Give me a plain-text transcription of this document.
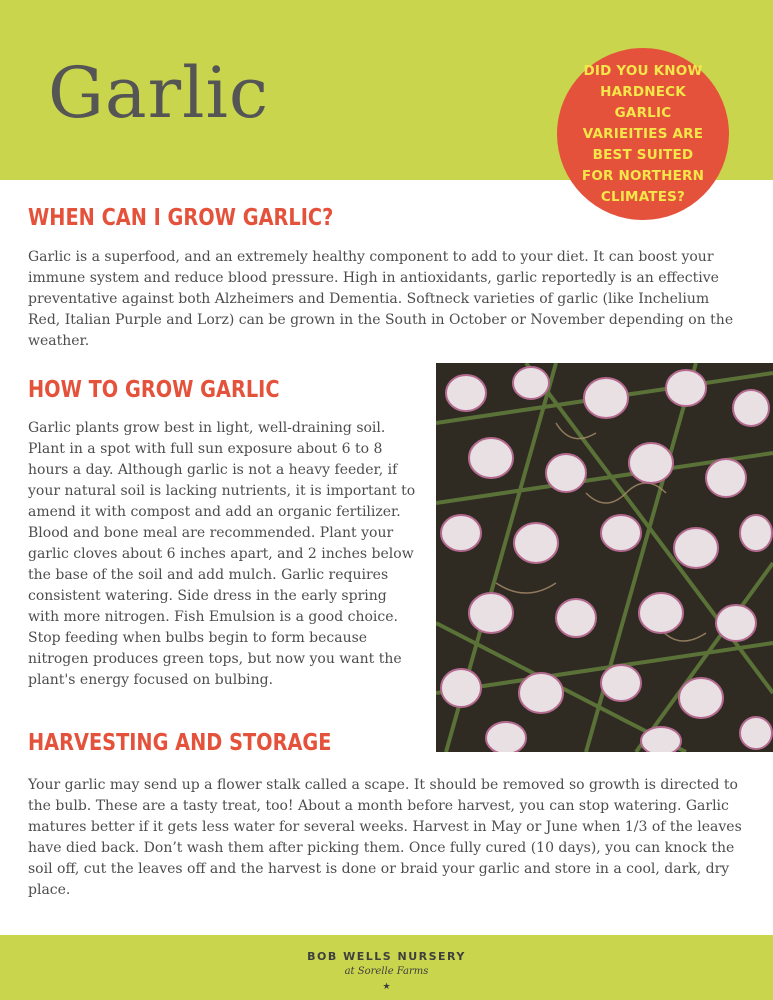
Garlic	DID YOU KNOW HARDNECK GARLIC VARIEITIES ARE BEST SUITED FOR NORTHERN CLIMATES?
WHEN CAN I GROW GARLIC?

Garlic is a superfood, and an extremely healthy component to add to your diet. It can boost your immune system and reduce blood pressure. High in antioxidants, garlic reportedly is an effective preventative against both Alzheimers and Dementia. Softneck varieties of garlic (like Inchelium Red, Italian Purple and Lorz) can be grown in the South in October or November depending on the weather.

HOW TO GROW GARLIC

Garlic plants grow best in light, well-draining soil. Plant in a spot with full sun exposure about 6 to 8 hours a day. Although garlic is not a heavy feeder, if your natural soil is lacking nutrients, it is important to amend it with compost and add an organic fertilizer. Blood and bone meal are recommended. Plant your garlic cloves about 6 inches apart, and 2 inches below the base of the soil and add mulch. Garlic requires consistent watering. Side dress in the early spring with more nitrogen. Fish Emulsion is a good choice. Stop feeding when bulbs begin to form because nitrogen produces green tops, but now you want the plant's energy focused on bulbing.

HARVESTING AND STORAGE

Your garlic may send up a flower stalk called a scape. It should be removed so growth is directed to the bulb. These are a tasty treat, too! About a month before harvest, you can stop watering. Garlic matures better if it gets less water for several weeks. Harvest in May or June when 1/3 of the leaves have died back. Don’t wash them after picking them. Once fully cured (10 days), you can knock the soil off, cut the leaves off and the harvest is done or braid your garlic and store in a cool, dark, dry place.

BOB WELLS NURSERY
at Sorelle Farms
★
